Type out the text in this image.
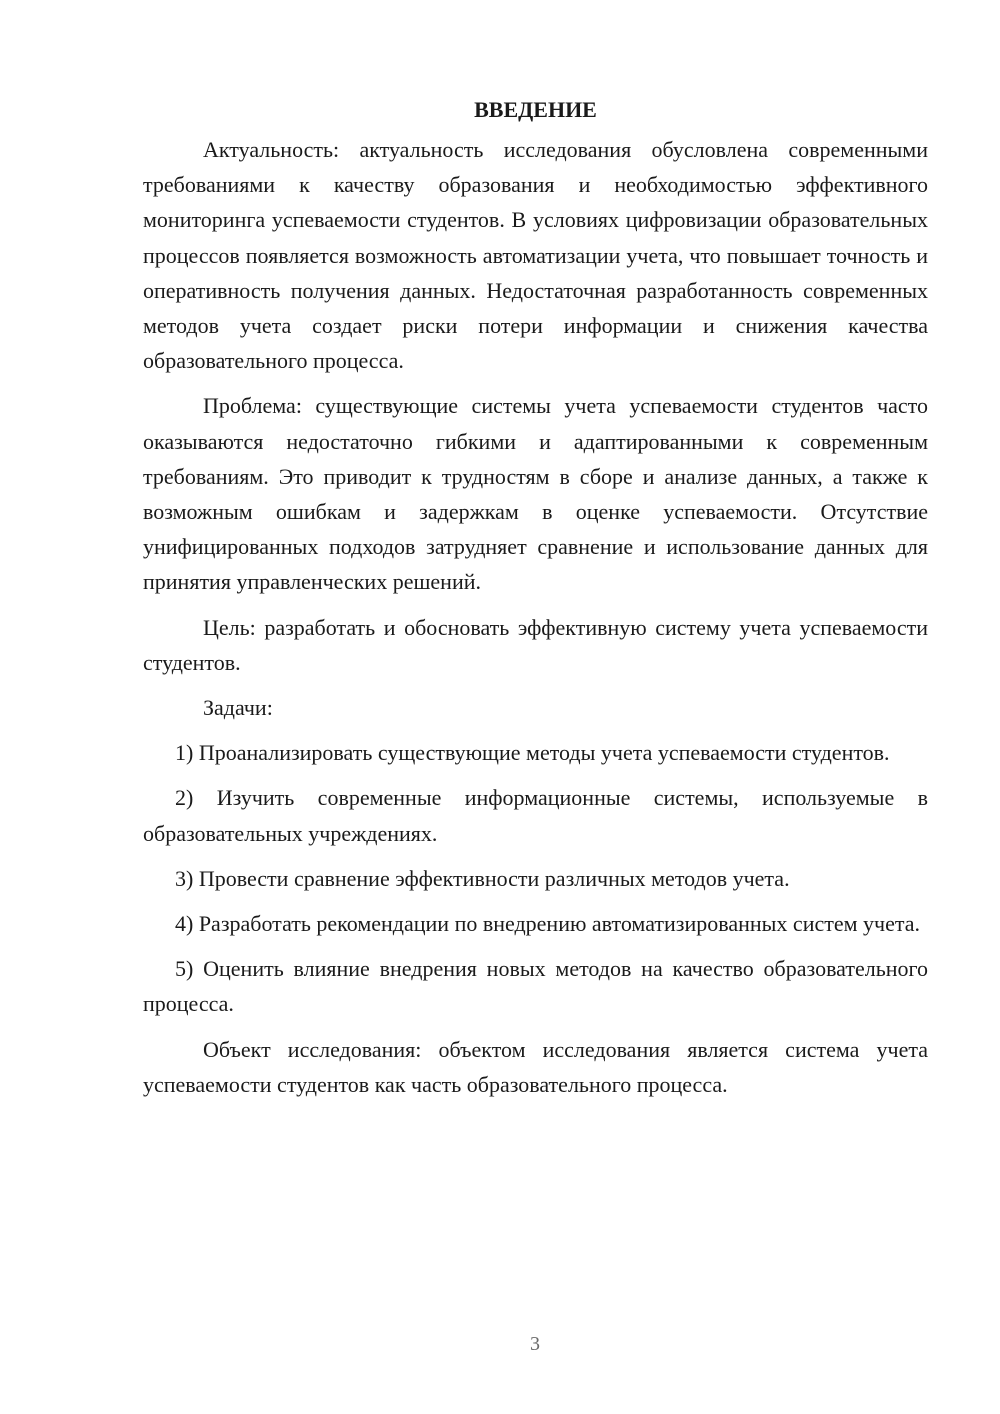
ВВЕДЕНИЕ

Актуальность: актуальность исследования обусловлена современными требованиями к качеству образования и необходимостью эффективного мониторинга успеваемости студентов. В условиях цифровизации образовательных процессов появляется возможность автоматизации учета, что повышает точность и оперативность получения данных. Недостаточная разработанность современных методов учета создает риски потери информации и снижения качества образовательного процесса.

Проблема: существующие системы учета успеваемости студентов часто оказываются недостаточно гибкими и адаптированными к современным требованиям. Это приводит к трудностям в сборе и анализе данных, а также к возможным ошибкам и задержкам в оценке успеваемости. Отсутствие унифицированных подходов затрудняет сравнение и использование данных для принятия управленческих решений.

Цель: разработать и обосновать эффективную систему учета успеваемости студентов.

Задачи:

1) Проанализировать существующие методы учета успеваемости студентов.

2) Изучить современные информационные системы, используемые в образовательных учреждениях.

3) Провести сравнение эффективности различных методов учета.

4) Разработать рекомендации по внедрению автоматизированных систем учета.

5) Оценить влияние внедрения новых методов на качество образовательного процесса.

Объект исследования: объектом исследования является система учета успеваемости студентов как часть образовательного процесса.

3
